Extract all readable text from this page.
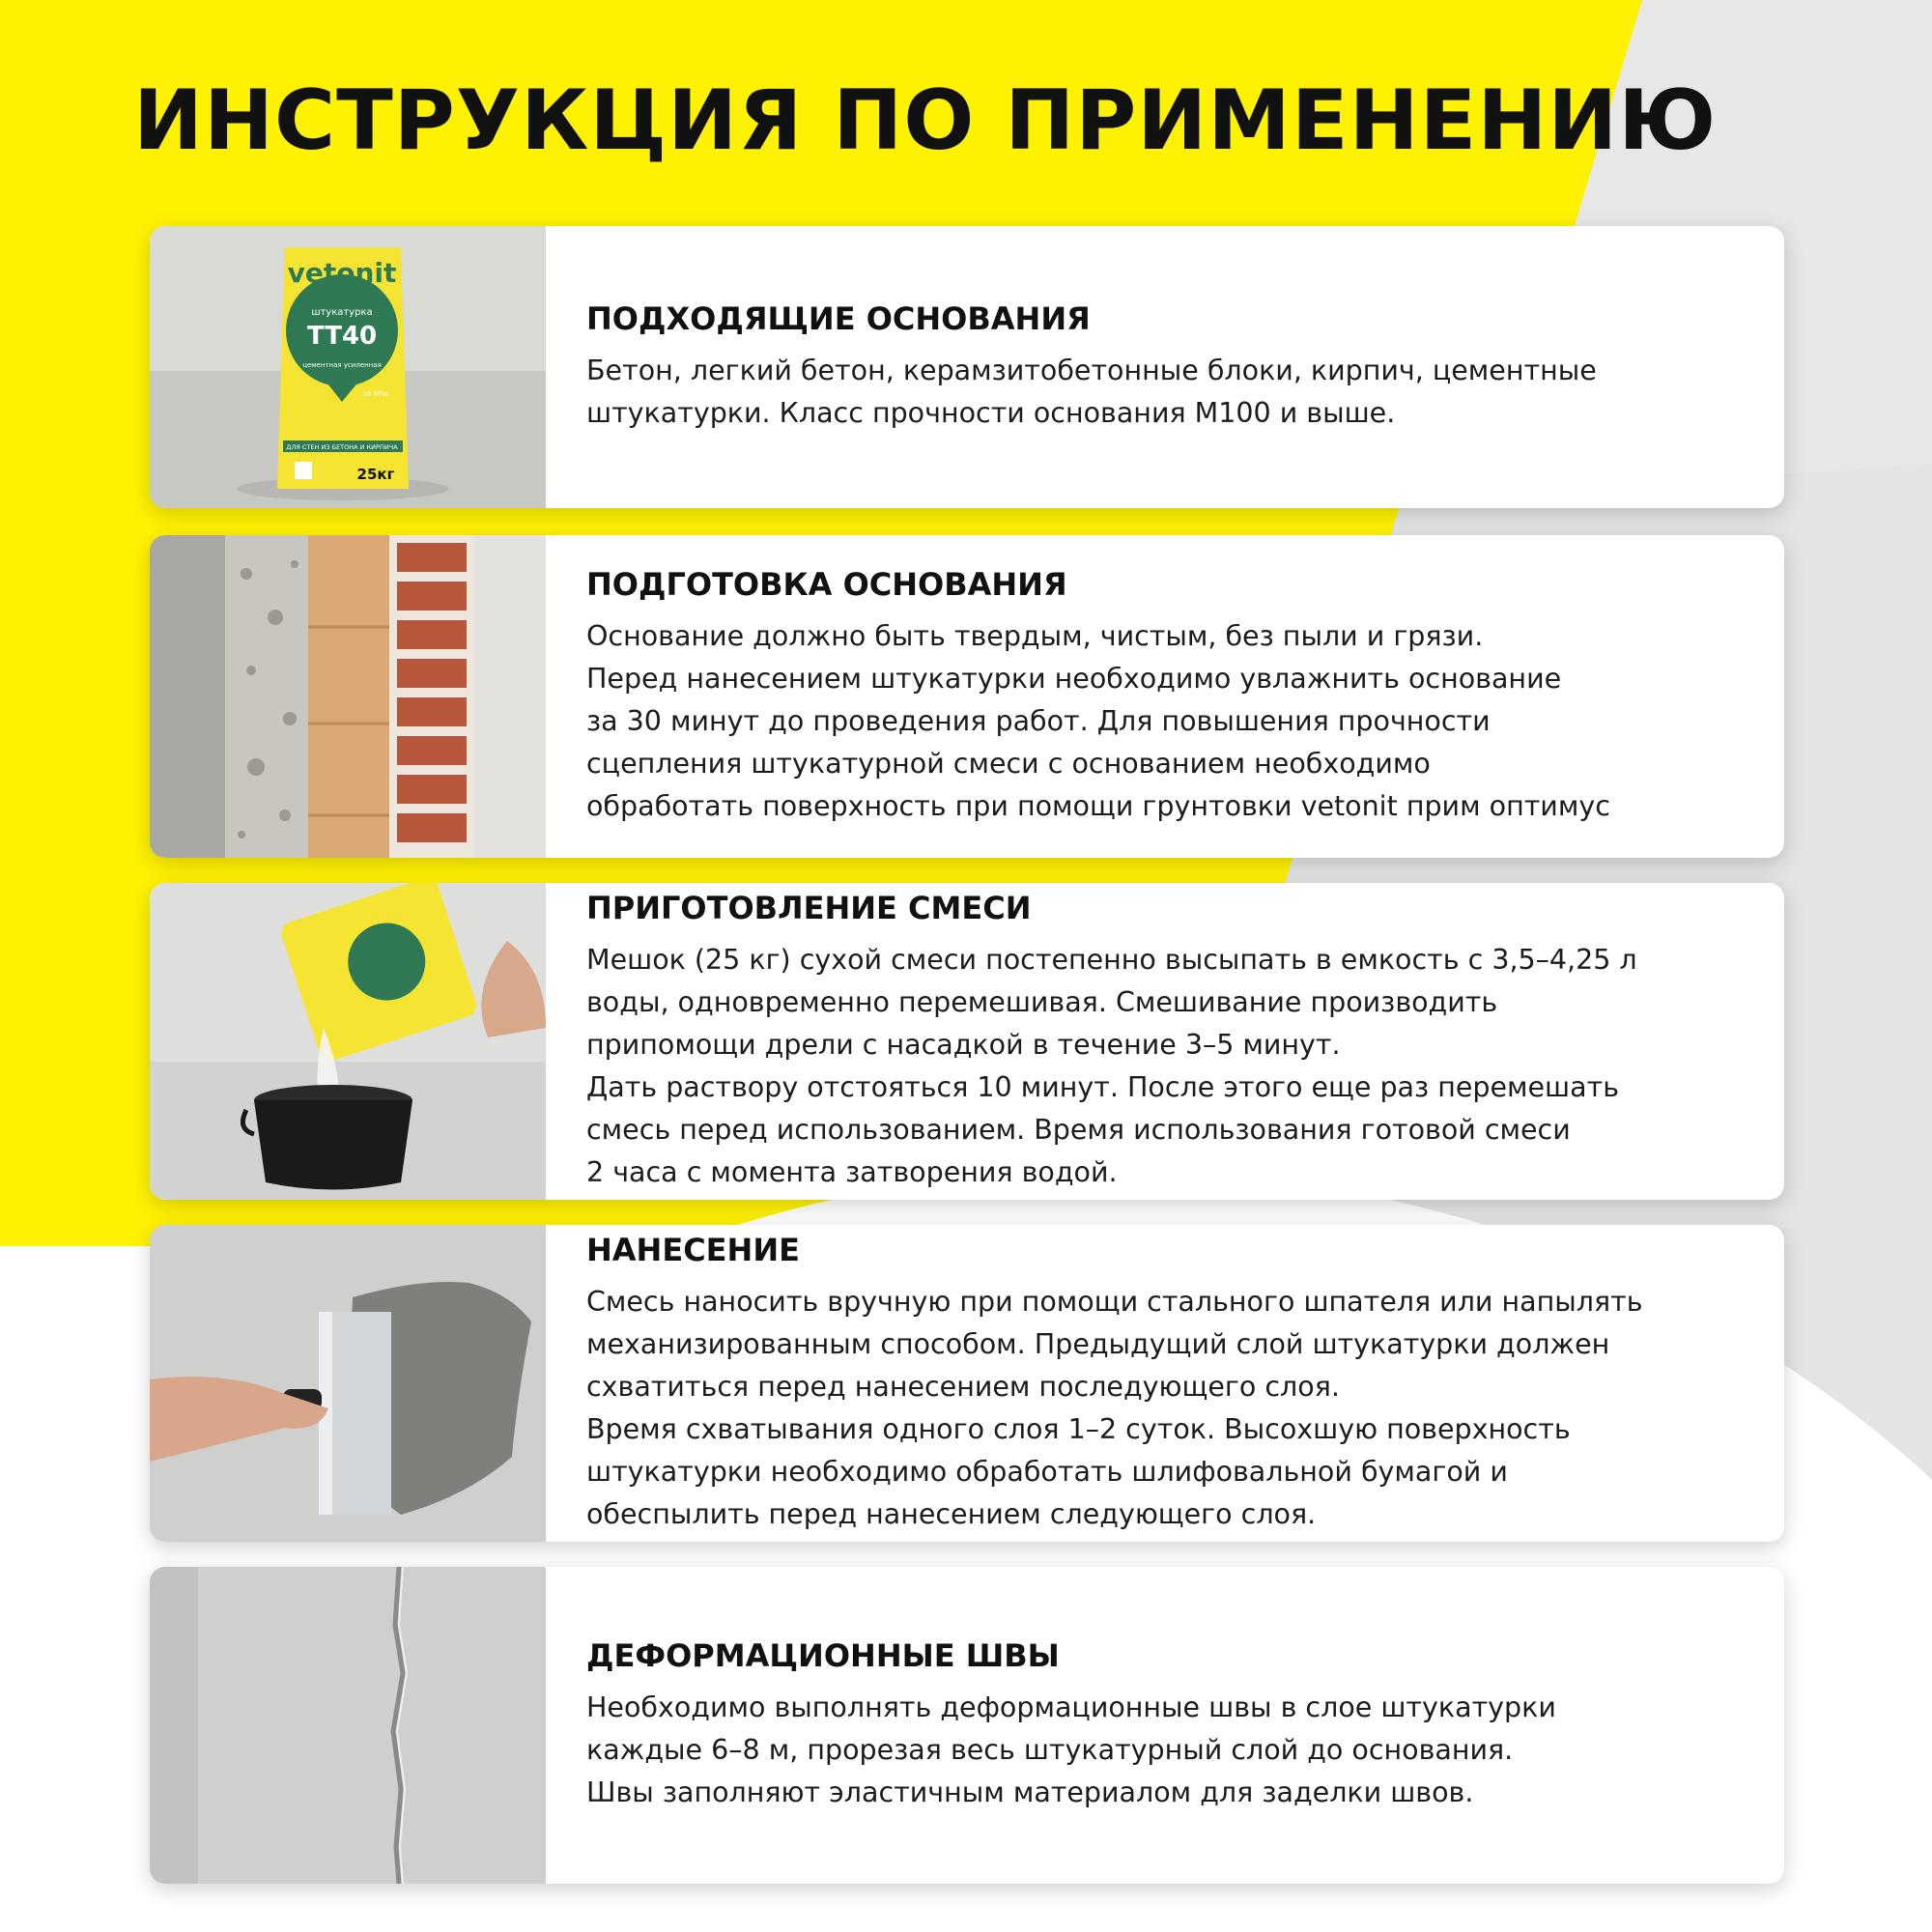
ИНСТРУКЦИЯ ПО ПРИМЕНЕНИЮ
vetonit
штукатурка
TT40
цементная усиленная
10 МПа
ДЛЯ СТЕН ИЗ БЕТОНА И КИРПИЧА
25кг
ПОДХОДЯЩИЕ ОСНОВАНИЯ

Бетон, легкий бетон, керамзитобетонные блоки, кирпич, цементные
штукатурки. Класс прочности основания М100 и выше.

ПОДГОТОВКА ОСНОВАНИЯ

Основание должно быть твердым, чистым, без пыли и грязи.
Перед нанесением штукатурки необходимо увлажнить основание
за 30 минут до проведения работ. Для повышения прочности
сцепления штукатурной смеси с основанием необходимо
обработать поверхность при помощи грунтовки vetonit прим оптимус

ПРИГОТОВЛЕНИЕ СМЕСИ

Мешок (25 кг) сухой смеси постепенно высыпать в емкость с 3,5–4,25 л
воды, одновременно перемешивая. Смешивание производить
припомощи дрели с насадкой в течение 3–5 минут.
Дать раствору отстояться 10 минут. После этого еще раз перемешать
смесь перед использованием. Время использования готовой смеси
2 часа с момента затворения водой.

НАНЕСЕНИЕ

Смесь наносить вручную при помощи стального шпателя или напылять
механизированным способом. Предыдущий слой штукатурки должен
схватиться перед нанесением последующего слоя.
Время схватывания одного слоя 1–2 суток. Высохшую поверхность
штукатурки необходимо обработать шлифовальной бумагой и
обеспылить перед нанесением следующего слоя.

ДЕФОРМАЦИОННЫЕ ШВЫ

Необходимо выполнять деформационные швы в слое штукатурки
каждые 6–8 м, прорезая весь штукатурный слой до основания.
Швы заполняют эластичным материалом для заделки швов.
